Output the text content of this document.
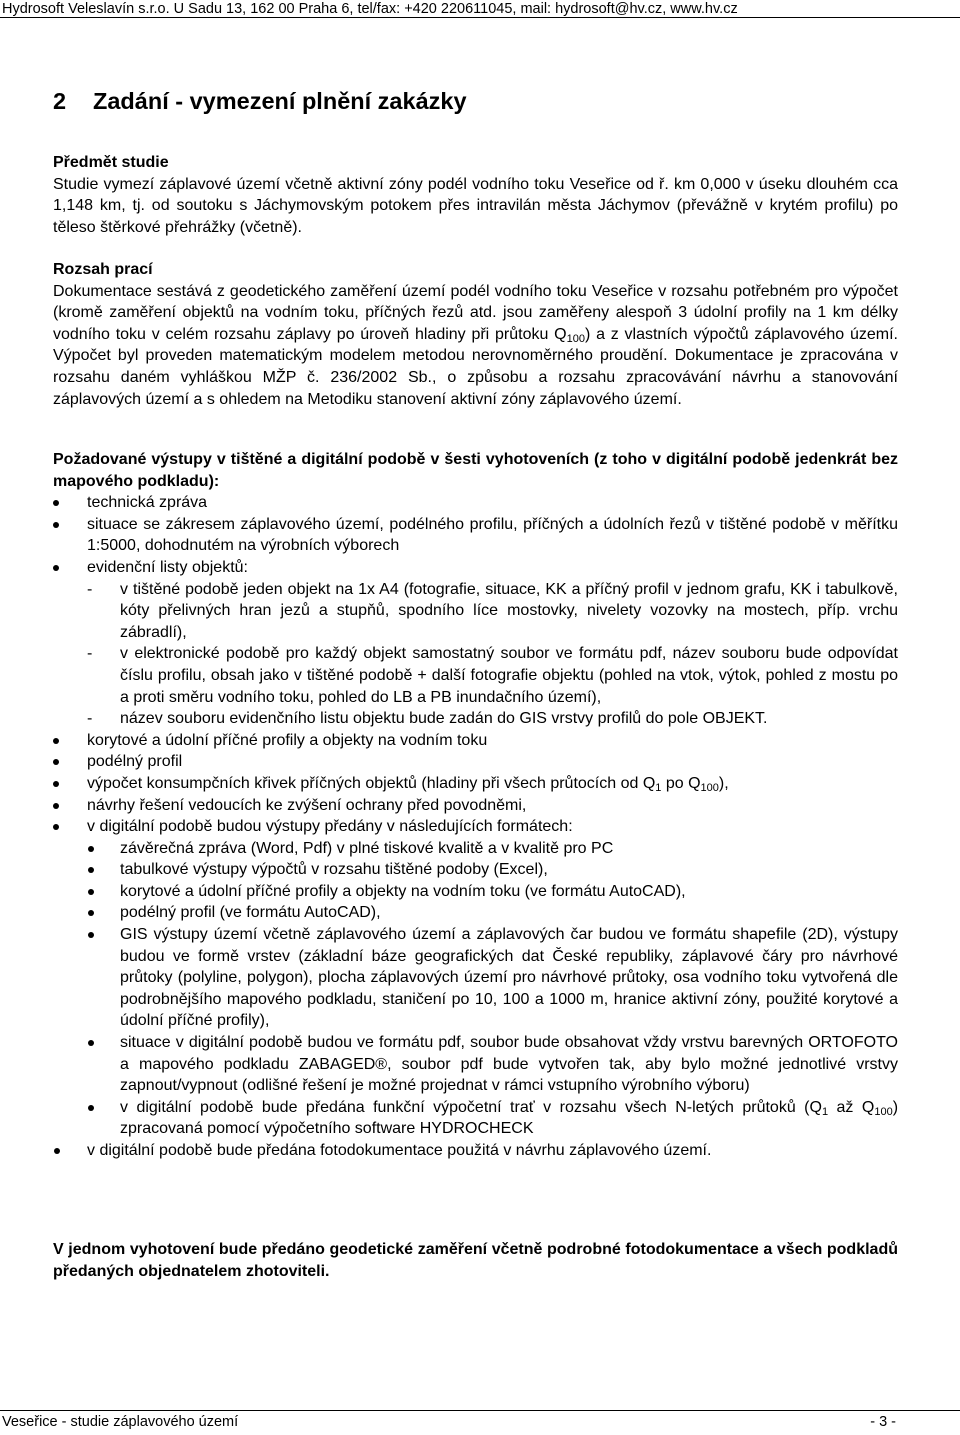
Hydrosoft Veleslavín s.r.o. U Sadu 13, 162 00 Praha 6, tel/fax: +420 220611045, mail: hydrosoft@hv.cz, www.hv.cz
2 Zadání - vymezení plnění zakázky
Předmět studie

Studie vymezí záplavové území včetně aktivní zóny podél vodního toku Veseřice od ř. km 0,000 v úseku dlouhém cca 1,148 km, tj. od soutoku s Jáchymovským potokem přes intravilán města Jáchymov (převážně v krytém profilu) po těleso štěrkové přehrážky (včetně).

Rozsah prací

Dokumentace sestává z geodetického zaměření území podél vodního toku Veseřice v rozsahu potřebném pro výpočet (kromě zaměření objektů na vodním toku, příčných řezů atd. jsou zaměřeny alespoň 3 údolní profily na 1 km délky vodního toku v celém rozsahu záplavy po úroveň hladiny při průtoku $Q_{100}$) a z vlastních výpočtů záplavového území. Výpočet byl proveden matematickým modelem metodou nerovnoměrného proudění. Dokumentace je zpracována v rozsahu daném vyhláškou MŽP č. 236/2002 Sb., o způsobu a rozsahu zpracovávání návrhu a stanovování záplavových území a s ohledem na Metodiku stanovení aktivní zóny záplavového území.

Požadované výstupy v tištěné a digitální podobě v šesti vyhotoveních (z toho v digitální podobě jedenkrát bez mapového podkladu):

technická zpráva
situace se zákresem záplavového území, podélného profilu, příčných a údolních řezů v tištěné podobě v měřítku 1:5000, dohodnutém na výrobních výborech
evidenční listy objektů:
- v tištěné podobě jeden objekt na 1x A4 (fotografie, situace, KK a příčný profil v jednom grafu, KK i tabulkově, kóty přelivných hran jezů a stupňů, spodního líce mostovky, nivelety vozovky na mostech, příp. vrchu zábradlí),
- v elektronické podobě pro každý objekt samostatný soubor ve formátu pdf, název souboru bude odpovídat číslu profilu, obsah jako v tištěné podobě + další fotografie objektu (pohled na vtok, výtok, pohled z mostu po a proti směru vodního toku, pohled do LB a PB inundačního území),
- název souboru evidenčního listu objektu bude zadán do GIS vrstvy profilů do pole OBJEKT.
korytové a údolní příčné profily a objekty na vodním toku
podélný profil
výpočet konsumpčních křivek příčných objektů (hladiny při všech průtocích od $Q_1$ po $Q_{100}$),
návrhy řešení vedoucích ke zvýšení ochrany před povodněmi,
v digitální podobě budou výstupy předány v následujících formátech:
závěrečná zpráva (Word, Pdf) v plné tiskové kvalitě a v kvalitě pro PC
tabulkové výstupy výpočtů v rozsahu tištěné podoby (Excel),
korytové a údolní příčné profily a objekty na vodním toku (ve formátu AutoCAD),
podélný profil (ve formátu AutoCAD),
GIS výstupy území včetně záplavového území a záplavových čar budou ve formátu shapefile (2D), výstupy budou ve formě vrstev (základní báze geografických dat České republiky, záplavové čáry pro návrhové průtoky (polyline, polygon), plocha záplavových území pro návrhové průtoky, osa vodního toku vytvořená dle podrobnějšího mapového podkladu, staničení po 10, 100 a 1000 m, hranice aktivní zóny, použité korytové a údolní příčné profily),
situace v digitální podobě budou ve formátu pdf, soubor bude obsahovat vždy vrstvu barevných ORTOFOTO a mapového podkladu ZABAGED®, soubor pdf bude vytvořen tak, aby bylo možné jednotlivé vrstvy zapnout/vypnout (odlišné řešení je možné projednat v rámci vstupního výrobního výboru)
v digitální podobě bude předána funkční výpočetní trať v rozsahu všech N-letých průtoků ($Q_1$ až $Q_{100}$) zpracovaná pomocí výpočetního software HYDROCHECK
v digitální podobě bude předána fotodokumentace použitá v návrhu záplavového území.

V jednom vyhotovení bude předáno geodetické zaměření včetně podrobné fotodokumentace a všech podkladů předaných objednatelem zhotoviteli.

Veseřice - studie záplavového území	- 3 -
